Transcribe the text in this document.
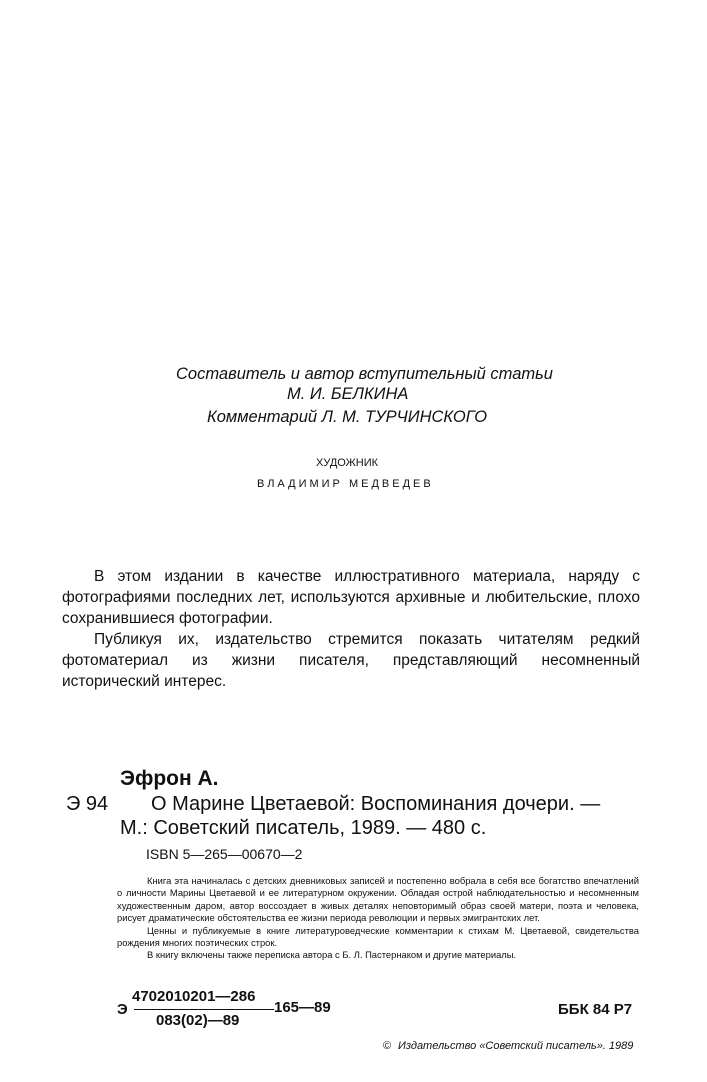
Составитель и автор вступительный статьи
М. И. БЕЛКИНА
Комментарий Л. М. ТУРЧИНСКОГО
ХУДОЖНИК
ВЛАДИМИР МЕДВЕДЕВ

В этом издании в качестве иллюстративного материала, наряду с фотографиями последних лет, используются архивные и любительские, плохо сохранившиеся фотографии.

Публикуя их, издательство стремится показать читателям редкий фотоматериал из жизни писателя, представляющий несомненный исторический интерес.

Эфрон А.
Э 94 О Марине Цветаевой: Воспоминания дочери. —
М.: Советский писатель, 1989. — 480 с.
ISBN 5—265—00670—2

Книга эта начиналась с детских дневниковых записей и постепенно вобрала в себя все богатство впечатлений о личности Марины Цветаевой и ее литературном окружении. Обладая острой наблюдательностью и несомненным художественным даром, автор воссоздает в живых деталях неповторимый образ своей матери, поэта и человека, рисует драматические обстоятельства ее жизни периода революции и первых эмигрантских лет.

Ценны и публикуемые в книге литературоведческие комментарии к стихам М. Цветаевой, свидетельства рождения многих поэтических строк.

В книгу включены также переписка автора с Б. Л. Пастернаком и другие материалы.

Э
4702010201—286
083(02)—89
165—89	ББК 84 Р7
© Издательство «Советский писатель». 1989
